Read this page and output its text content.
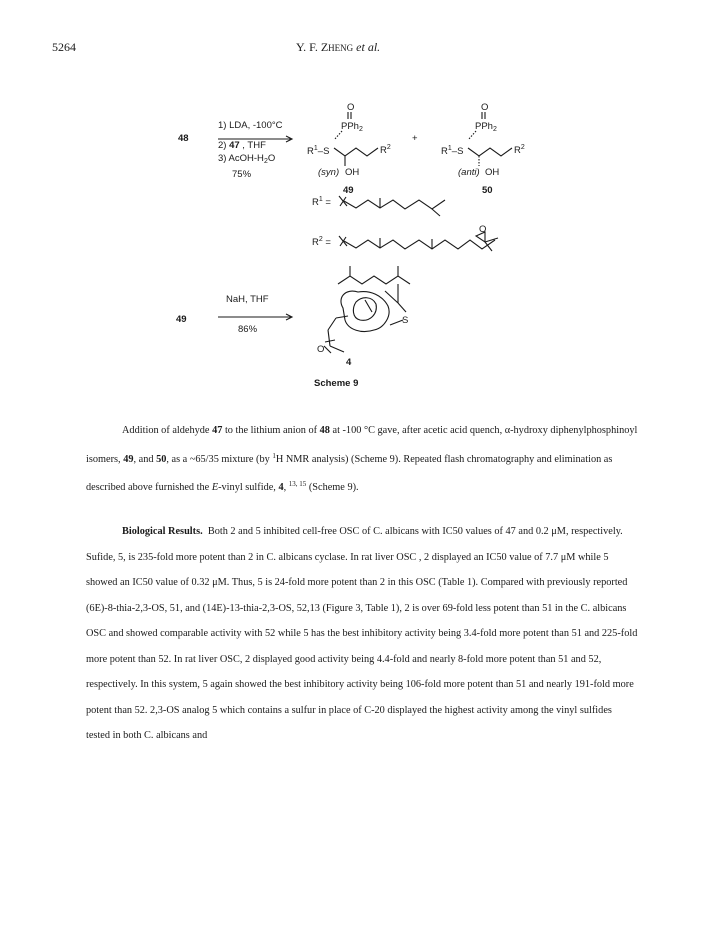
5264	Y. F. ZHENG et al.
48
1) LDA, -100°C
2) 47 , THF
3) AcOH-$H_2O$
75%
NaH, THF
86%
49
O
PPh$_2$
$R^1-S$	$R^2$
OH
(syn)
49
+
O
PPh$_2$
$R^1-S$	$R^2$
OH
(anti)
50
$R^1$ =
$R^2$ =
O
S
O
4
Scheme 9

Addition of aldehyde 47 to the lithium anion of 48 at -100 °C gave, after acetic acid quench, α-hydroxy diphenylphosphinoyl isomers, 49, and 50, as a ~65/35 mixture (by $^1$H NMR analysis) (Scheme 9). Repeated flash chromatography and elimination as described above furnished the E-vinyl sulfide, 4, $^{13, 15}$ (Scheme 9).

Biological Results. Both 2 and 5 inhibited cell-free OSC of C. albicans with IC50 values of 47 and 0.2 μM, respectively. Sufide, 5, is 235-fold more potent than 2 in C. albicans cyclase. In rat liver OSC , 2 displayed an IC50 value of 7.7 μM while 5 showed an IC50 value of 0.32 μM. Thus, 5 is 24-fold more potent than 2 in this OSC (Table 1). Compared with previously reported (6E)-8-thia-2,3-OS, 51, and (14E)-13-thia-2,3-OS, 52,13 (Figure 3, Table 1), 2 is over 69-fold less potent than 51 in the C. albicans OSC and showed comparable activity with 52 while 5 has the best inhibitory activity being 3.4-fold more potent than 51 and 225-fold more potent than 52. In rat liver OSC, 2 displayed good activity being 4.4-fold and nearly 8-fold more potent than 51 and 52, respectively. In this system, 5 again showed the best inhibitory activity being 106-fold more potent than 51 and nearly 191-fold more potent than 52. 2,3-OS analog 5 which contains a sulfur in place of C-20 displayed the highest activity among the vinyl sulfides tested in both C. albicans and
